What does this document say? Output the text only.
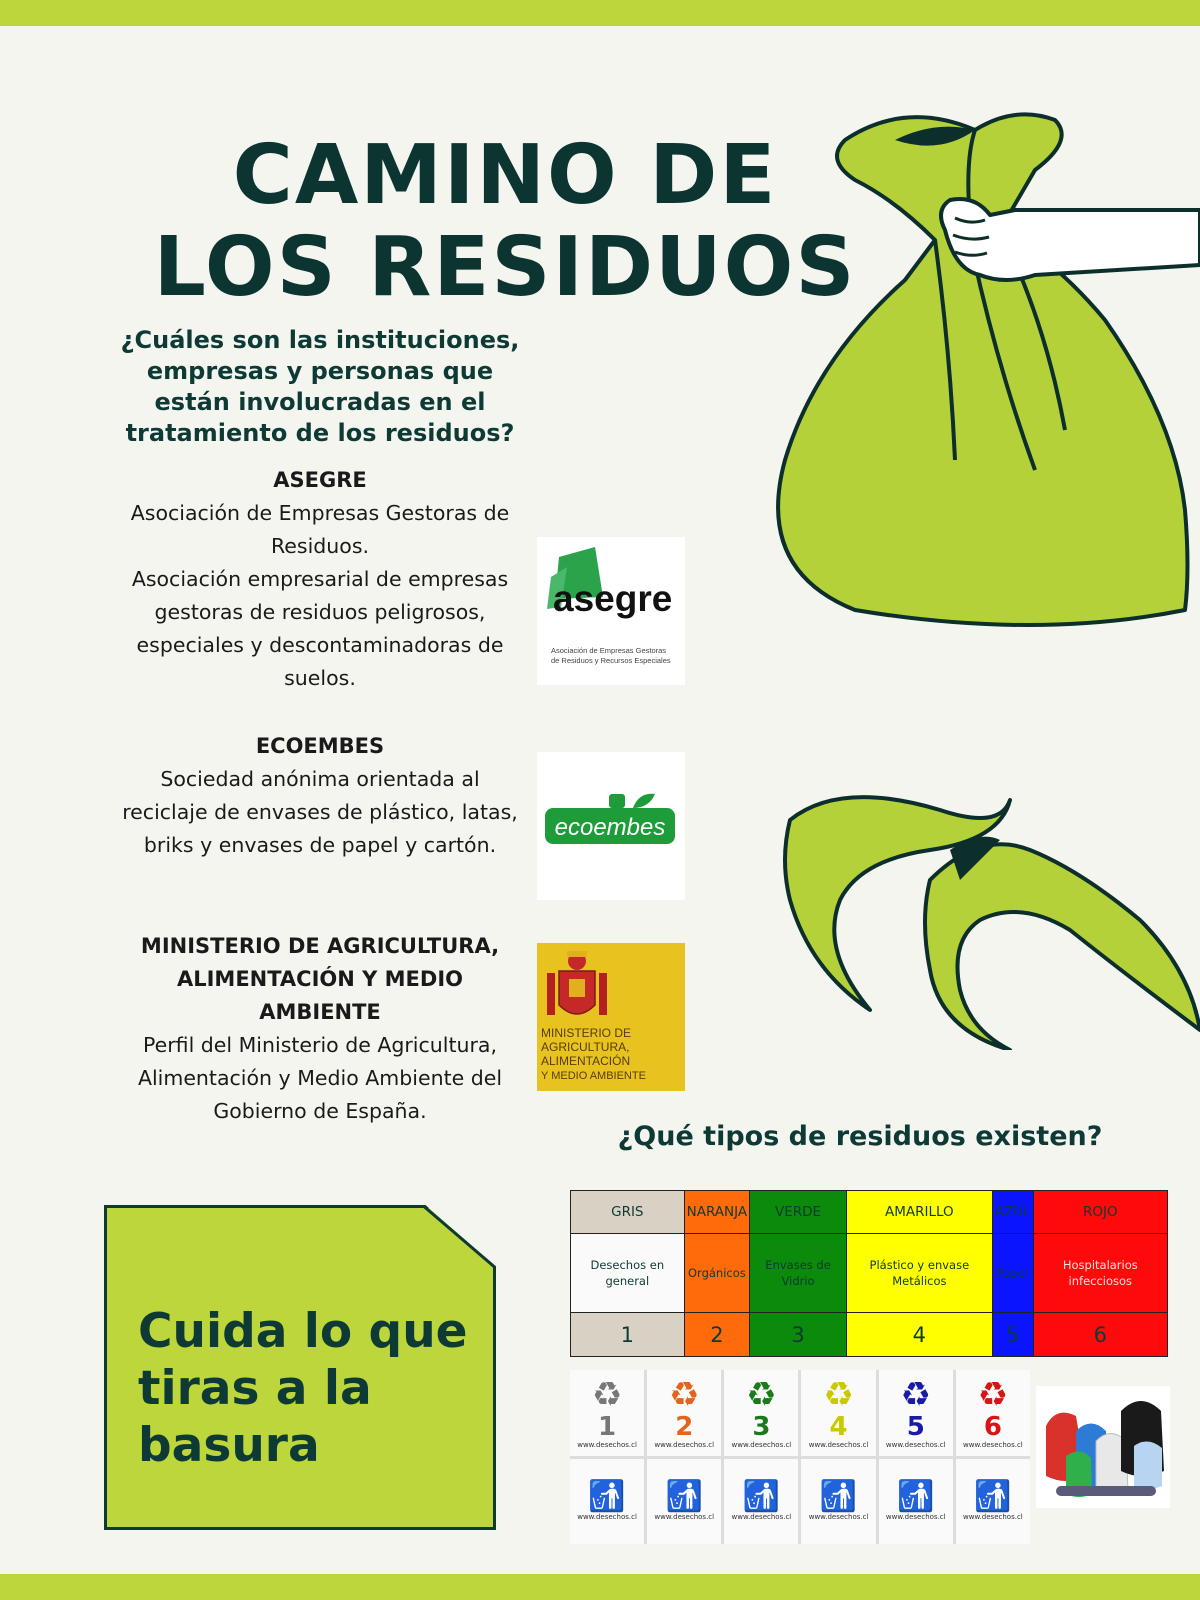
CAMINO DE
LOS RESIDUOS

¿Cuáles son las instituciones, empresas y personas que están involucradas en el tratamiento de los residuos?

ASEGRE
Asociación de Empresas Gestoras de Residuos.
Asociación empresarial de empresas gestoras de residuos peligrosos, especiales y descontaminadoras de suelos.
asegre
Asociación de Empresas Gestoras
de Residuos y Recursos Especiales
ECOEMBES
Sociedad anónima orientada al reciclaje de envases de plástico, latas, briks y envases de papel y cartón.
ecoembes
MINISTERIO DE AGRICULTURA, ALIMENTACIÓN Y MEDIO AMBIENTE
Perfil del Ministerio de Agricultura, Alimentación y Medio Ambiente del Gobierno de España.
MINISTERIO DE
AGRICULTURA,
ALIMENTACIÓN
Y MEDIO AMBIENTE
¿Qué tipos de residuos existen?
GRIS	NARANJA	VERDE	AMARILLO	AZUL	ROJO
Desechos en general	Orgánicos	Envases de Vidrio	Plástico y envase Metálicos	Papel	Hospitalarios infecciosos
1	2	3	4	5	6
♻
1
www.desechos.cl
♻
2
www.desechos.cl
♻
3
www.desechos.cl
♻
4
www.desechos.cl
♻
5
www.desechos.cl
♻
6
www.desechos.cl
🚮
www.desechos.cl
🚮
www.desechos.cl
🚮
www.desechos.cl
🚮
www.desechos.cl
🚮
www.desechos.cl
🚮
www.desechos.cl

Cuida lo que tiras a la basura
